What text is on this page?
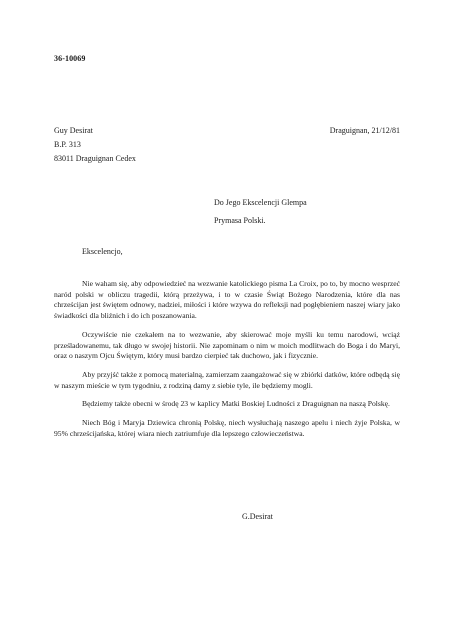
36-10069
Guy Desirat
B.P. 313
83011 Draguignan Cedex
Draguignan, 21/12/81
Do Jego Ekscelencji Glempa
Prymasa Polski.
Ekscelencjo,

Nie waham się, aby odpowiedzieć na wezwanie katolickiego pisma La Croix, po to, by mocno wesprzeć naród polski w obliczu tragedii, którą przeżywa, i to w czasie Świąt Bożego Narodzenia, które dla nas chrześcijan jest świętem odnowy, nadziei, miłości i które wzywa do refleksji nad pogłębieniem naszej wiary jako świadkości dla bliźnich i do ich poszanowania.

Oczywiście nie czekałem na to wezwanie, aby skierować moje myśli ku temu narodowi, wciąż prześladowanemu, tak długo w swojej historii. Nie zapominam o nim w moich modlitwach do Boga i do Maryi, oraz o naszym Ojcu Świętym, który musi bardzo cierpieć tak duchowo, jak i fizycznie.

Aby przyjść także z pomocą materialną, zamierzam zaangażować się w zbiórki datków, które odbędą się w naszym mieście w tym tygodniu, z rodziną damy z siebie tyle, ile będziemy mogli.

Będziemy także obecni w środę 23 w kaplicy Matki Boskiej Ludności z Draguignan na naszą Polskę.

Niech Bóg i Maryja Dziewica chronią Polskę, niech wysłuchają naszego apelu i niech żyje Polska, w 95% chrześcijańska, której wiara niech zatriumfuje dla lepszego człowieczeństwa.

G.Desirat
